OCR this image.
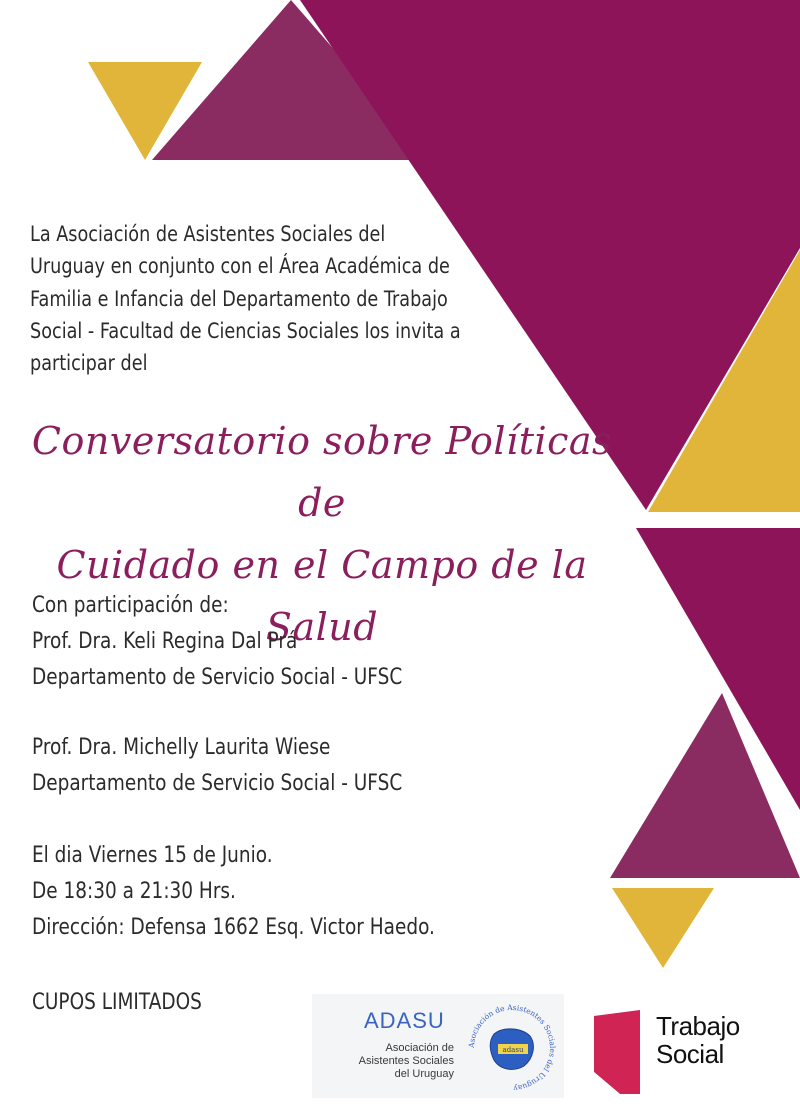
La Asociación de Asistentes Sociales del
Uruguay en conjunto con el Área Académica de
Familia e Infancia del Departamento de Trabajo
Social - Facultad de Ciencias Sociales los invita a
participar del
Conversatorio sobre Políticas de
Cuidado en el Campo de la Salud
Con participación de:
Prof. Dra. Keli Regina Dal Prá
Departamento de Servicio Social - UFSC
Prof. Dra. Michelly Laurita Wiese
Departamento de Servicio Social - UFSC
El dia Viernes 15 de Junio.
De 18:30 a 21:30 Hrs.
Dirección: Defensa 1662 Esq. Victor Haedo.
CUPOS LIMITADOS
ADASU
Asociación de
Asistentes Sociales
del Uruguay
Asociación de Asistentes Sociales del Uruguay
adasu
Trabajo
Social
